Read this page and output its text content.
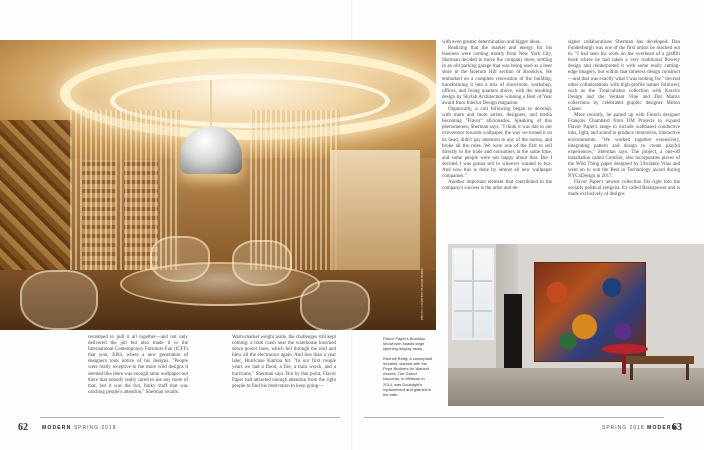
PHOTO: COURTESY FLAVOR PAPER

Flavor Paper's Brooklyn showroom boasts large spinning display racks.

Ronnell Reilly, a conceptual muralist, worked with the Pope Brothers for Waldorf Astoria. The Grand Nouveau, in Midtown in 2014, was Doublight's replacement and glamed in the bath.

revamped to pull it all together—and not only delivered the job but also made it to the International Contemporary Furniture Fair (ICFF) that year, 2004, where a new generation of designers took notice of his designs. "People were really receptive to the more wild designs it seemed like there was enough tame wallpaper out there that nobody really cared to see any more of that, but it was the fun, funky stuff that was catching people's attention," Sherman recalls.

Warts-market weight aside, the challenges still kept coming: a tram crash near the warehouse knocked down power lines, which fell through the roof and blew all the electronics again. And less than a year later, Hurricane Katrina hit. "In our first couple years we had a flood, a fire, a train wreck, and a hurricane," Sherman says. But by that point, Flavor Paper had attracted enough attention from the right people to find his motivation to keep going—

with even greater determination and bigger ideas.

Realizing that the market and energy for his business were coming mostly from New York City, Sherman decided to move the company there, settling in an old parking garage that was being used as a beer store in the Boerum Hill section of Brooklyn. He embarked on a complete renovation of the building, transforming it into a mix of showroom, workshop, offices, and living quarters above, with the resulting design by Skylab Architecture winning a Best of Year award from Interior Design magazine.

Organically, a cult following began to develop, with more and more artists, designers, and media becoming "Flavor" aficionados. Speaking of this phenomenon, Sherman says: "I think it was due to our irreverence towards wallpaper, the way we turned it on its head, didn't pay attention to any of the norms, and broke all the rules. We were one of the first to sell directly to the trade and consumers at the same time, and some people were not happy about that. But I decided I was gonna sell to whoever wanted to buy. And now this is done by almost all new wallpaper companies."

Another important element that contributed to the company's success is the artist and de-

signer collaborations Sherman has developed. Dan Funderburgh was one of the first artists he reached out to. "I had seen his work on the overhead of a graffiti book where he had taken a very traditional flowery design and reinterpreted it with some really cutting-edge imagery, but within that timeless design construct—and that was exactly what I was looking for." Several other collaborations with high-profile names followed, such as the Tropicalismo collection with Kravitz Design and the Verdant Vine and Dot Matrix collections by celebrated graphic designer Milton Glaser.

More recently, he paired up with French designer François Chambard from UM Projects to expand Flavor Paper's range to include wallbased conductive inks, light, and sound to produce immersive, interactive environments. "We worked together extensively, integrating pattern and design to create playful experiences," Sherman says. The project, a one-off installation called Comfort, also incorporates pieces of the Wild Thing paper designed by Ultralake Vilas and went on to win the Best in Technology award during NYCxDesign in 2017.

Flavor Paper's newest collection fits right into the socially political zeitgeist. It's called Resistpower and is made exclusively of designs

62	MODERN SPRING 2018	SPRING 2018 MODERN
63
